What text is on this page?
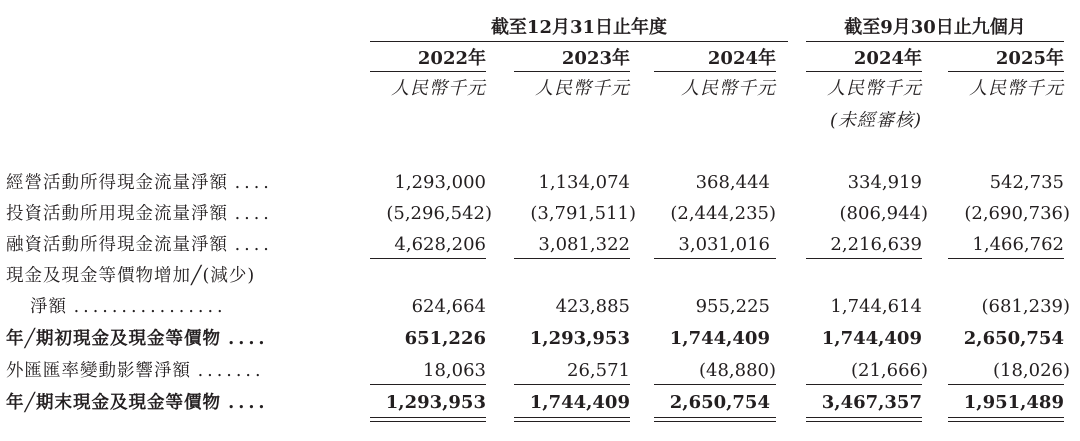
截至12月31日止年度	截至9月30日止九個月
2022年	2023年	2024年	2024年	2025年
人民幣千元	人民幣千元	人民幣千元	人民幣千元	人民幣千元
(未經審核)
經營活動所得現金流量淨額 ....	1,293,000	1,134,074	368,444	334,919	542,735
投資活動所用現金流量淨額 ....	(5,296,542)	(3,791,511)	(2,444,235)	(806,944)	(2,690,736)
融資活動所得現金流量淨額 ....	4,628,206	3,081,322	3,031,016	2,216,639	1,466,762
現金及現金等價物增加╱(減少)
淨額 ................	624,664	423,885	955,225	1,744,614	(681,239)
年╱期初現金及現金等價物 ....	651,226	1,293,953	1,744,409	1,744,409	2,650,754
外匯匯率變動影響淨額 .......	18,063	26,571	(48,880)	(21,666)	(18,026)
年╱期末現金及現金等價物 ....	1,293,953	1,744,409	2,650,754	3,467,357	1,951,489
